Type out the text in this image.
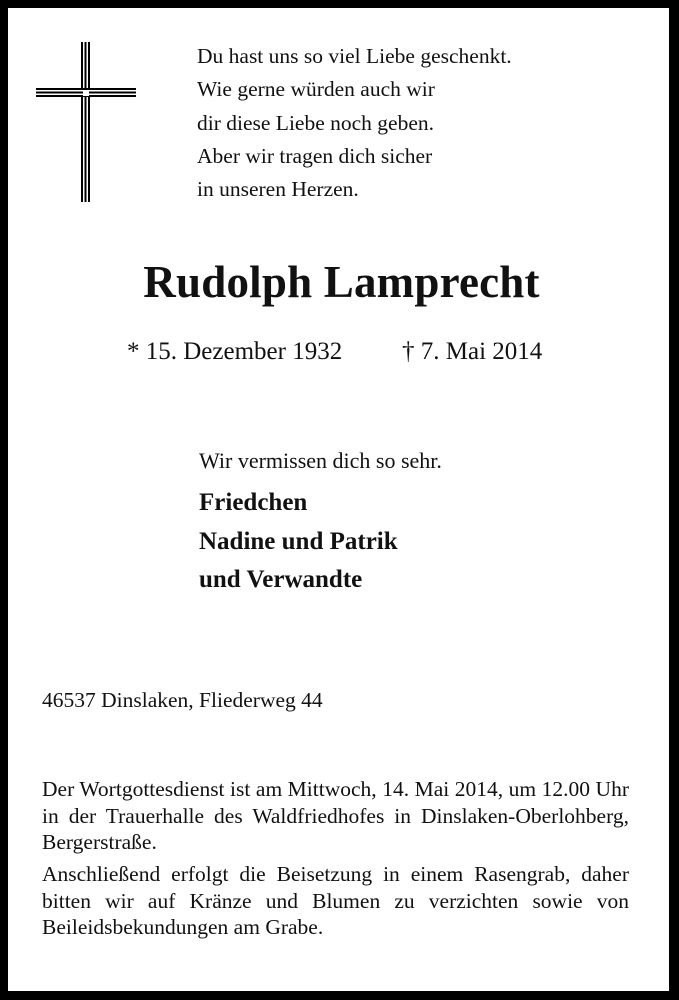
Du hast uns so viel Liebe geschenkt.
Wie gerne würden auch wir
dir diese Liebe noch geben.
Aber wir tragen dich sicher
in unseren Herzen.
Rudolph Lamprecht
* 15. Dezember 1932 † 7. Mai 2014
Wir vermissen dich so sehr.
Friedchen
Nadine und Patrik
und Verwandte
46537 Dinslaken, Fliederweg 44

Der Wortgottesdienst ist am Mittwoch, 14. Mai 2014, um 12.00 Uhr in der Trauerhalle des Waldfriedhofes in Dinslaken-Oberlohberg, Bergerstraße.

Anschließend erfolgt die Beisetzung in einem Rasengrab, daher bitten wir auf Kränze und Blumen zu verzichten sowie von Beileidsbekundungen am Grabe.
